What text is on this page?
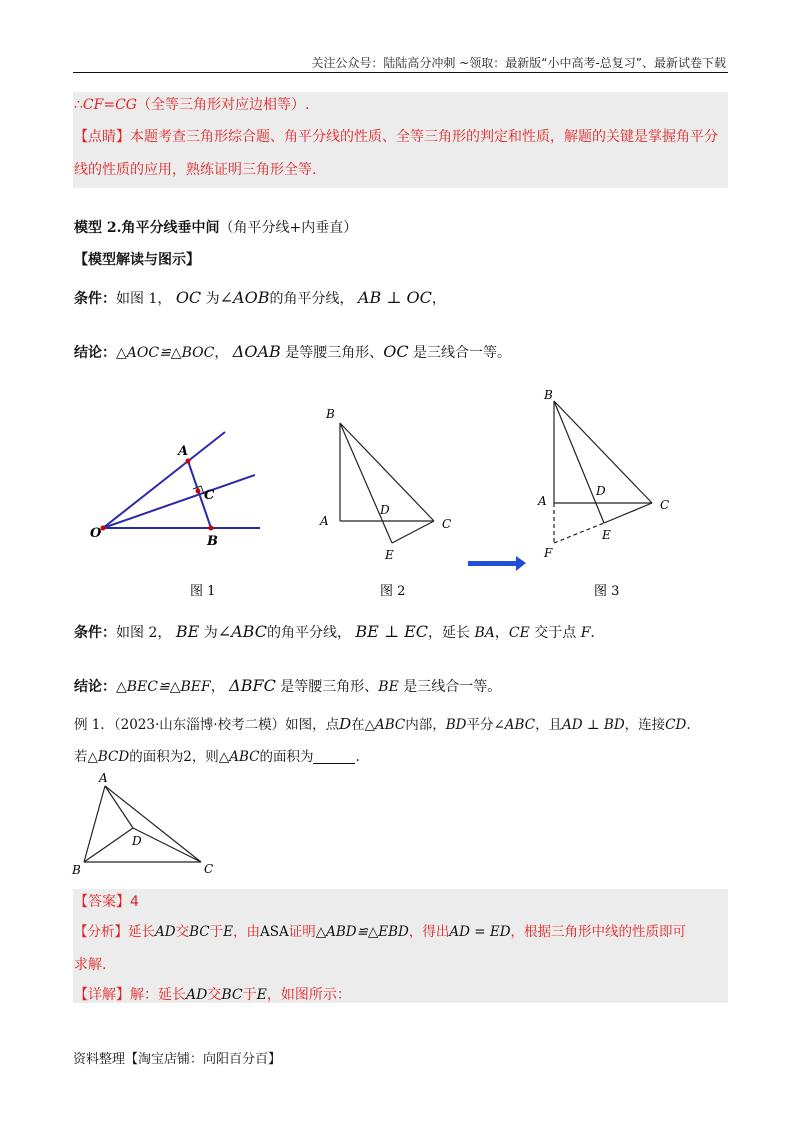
关注公众号：陆陆高分冲刺 ~领取：最新版“小中高考-总复习”、最新试卷下载
∴CF=CG（全等三角形对应边相等）.
【点睛】本题考查三角形综合题、角平分线的性质、全等三角形的判定和性质，解题的关键是掌握角平分
线的性质的应用，熟练证明三角形全等.
模型 2.角平分线垂中间（角平分线+内垂直）
【模型解读与图示】
条件：如图 1， OC 为∠AOB的角平分线， AB ⊥ OC，
结论：△AOC≌△BOC， ΔOAB 是等腰三角形、OC 是三线合一等。
O
A
B
C
图 1
B
A
D
C
E
图 2
B
A
D
C
E
F
图 3
条件：如图 2， BE 为∠ABC的角平分线， BE ⊥ EC，延长 BA，CE 交于点 F.
结论：△BEC≌△BEF， ΔBFC 是等腰三角形、BE 是三线合一等。
例 1．（2023·山东淄博·校考二模）如图，点D在△ABC内部，BD平分∠ABC，且AD ⊥ BD，连接CD.
若△BCD的面积为2，则△ABC的面积为	.
A
B	C
D
【答案】4
【分析】延长AD交BC于E，由ASA证明△ABD≌△EBD，得出AD = ED，根据三角形中线的性质即可
求解.
【详解】解：延长AD交BC于E，如图所示：
资料整理【淘宝店铺：向阳百分百】
